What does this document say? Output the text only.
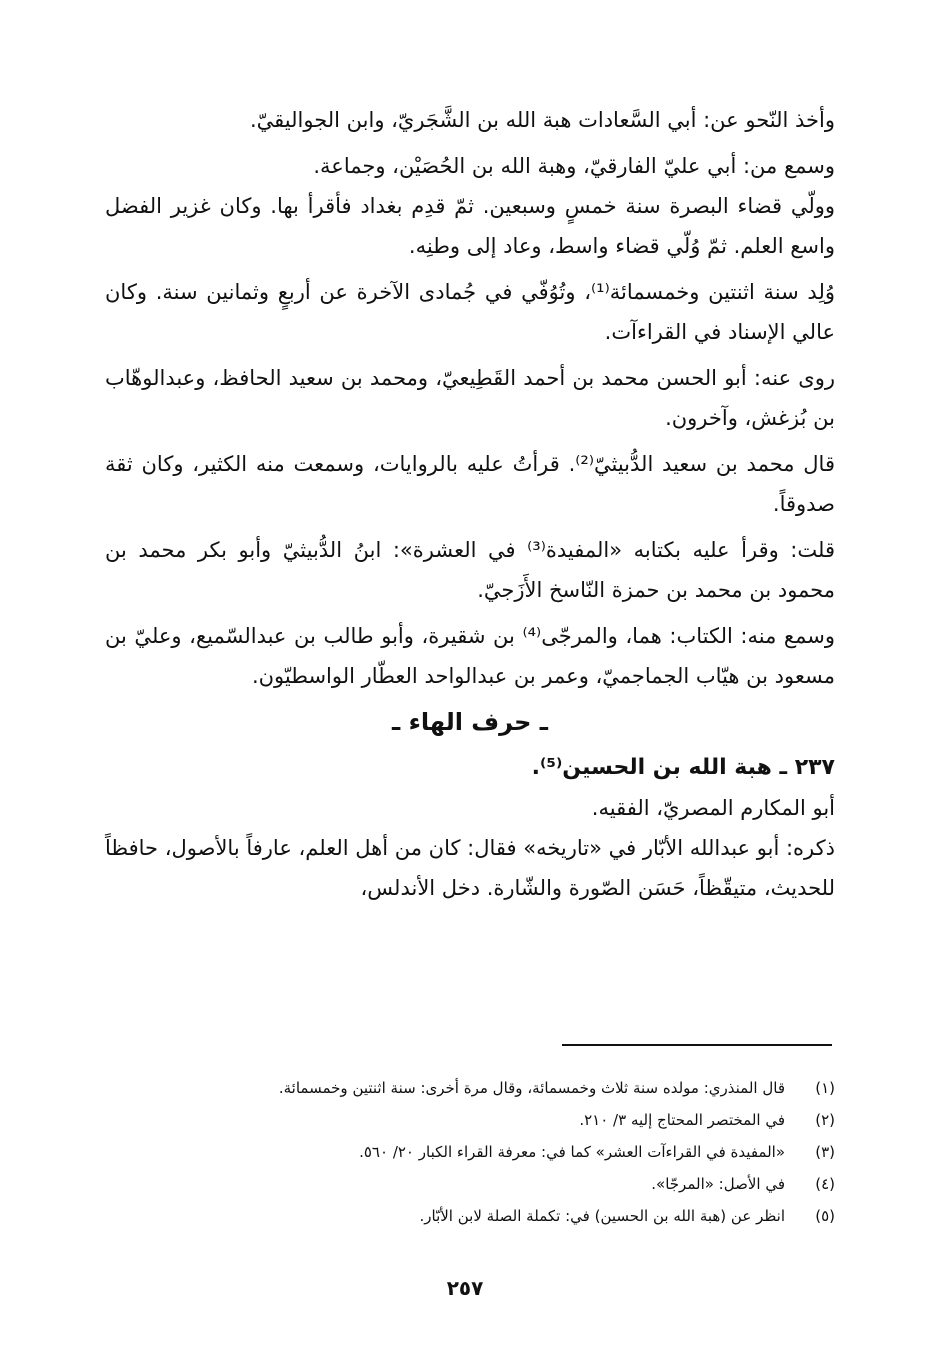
وأخذ النّحو عن: أبي السَّعادات هبة الله بن الشَّجَريّ، وابن الجواليقيّ.

وسمع من: أبي عليّ الفارقيّ، وهبة الله بن الحُصَيْن، وجماعة.

وولّي قضاء البصرة سنة خمسٍ وسبعين. ثمّ قدِم بغداد فأقرأ بها. وكان غزير الفضل واسع العلم. ثمّ وُلّي قضاء واسط، وعاد إلى وطنِه.

وُلِد سنة اثنتين وخمسمائة⁽¹⁾، وتُوُفّي في جُمادى الآخرة عن أربعٍ وثمانين سنة. وكان عالي الإسناد في القراءآت.

روى عنه: أبو الحسن محمد بن أحمد القَطِيعيّ، ومحمد بن سعيد الحافظ، وعبدالوهّاب بن بُزغش، وآخرون.

قال محمد بن سعيد الدُّبيثيّ⁽²⁾. قرأتُ عليه بالروايات، وسمعت منه الكثير، وكان ثقة صدوقاً.

قلت: وقرأ عليه بكتابه «المفيدة⁽³⁾ في العشرة»: ابنُ الدُّبيثيّ وأبو بكر محمد بن محمود بن محمد بن حمزة النّاسخ الأَزَجيّ.

وسمع منه: الكتاب: هما، والمرجّى⁽⁴⁾ بن شقيرة، وأبو طالب بن عبدالسّميع، وعليّ بن مسعود بن هيّاب الجماجميّ، وعمر بن عبدالواحد العطّار الواسطيّون.

ـ حرف الهاء ـ

٢٣٧ ـ هبة الله بن الحسين⁽⁵⁾.

أبو المكارم المصريّ، الفقيه.

ذكره: أبو عبدالله الأبّار في «تاريخه» فقال: كان من أهل العلم، عارفاً بالأصول، حافظاً للحديث، متيقّظاً، حَسَن الصّورة والشّارة. دخل الأندلس،

(١)
قال المنذري: مولده سنة ثلاث وخمسمائة، وقال مرة أخرى: سنة اثنتين وخمسمائة.
(٢)
في المختصر المحتاج إليه ٣/ ٢١٠.
(٣)
«المفيدة في القراءآت العشر» كما في: معرفة القراء الكبار ٢٠/ ٥٦٠.
(٤)
في الأصل: «المرجّا».
(٥)
انظر عن (هبة الله بن الحسين) في: تكملة الصلة لابن الأبّار.
٢٥٧
